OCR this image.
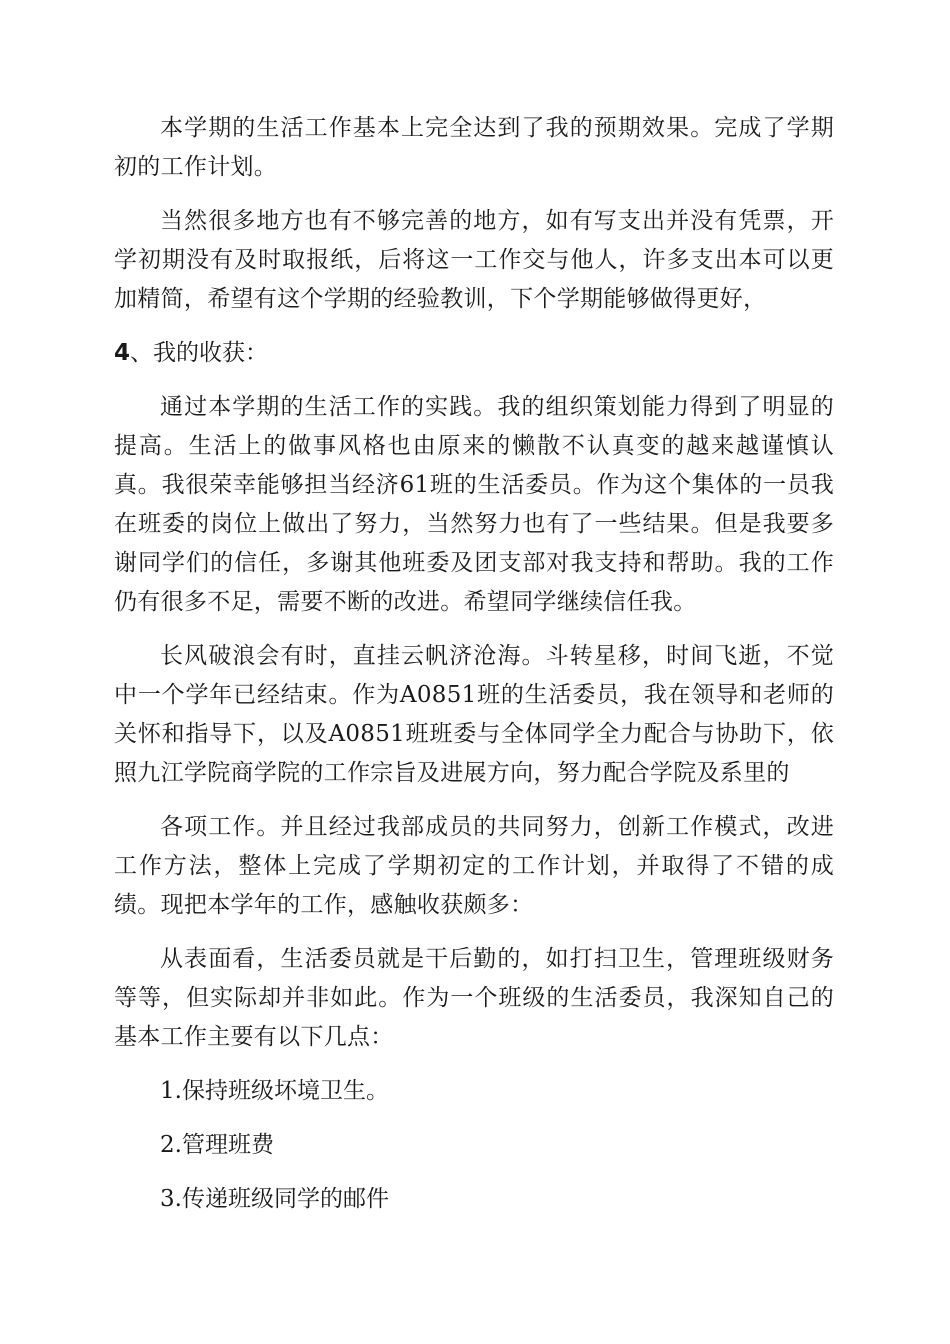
本学期的生活工作基本上完全达到了我的预期效果。完成了学期初的工作计划。

当然很多地方也有不够完善的地方，如有写支出并没有凭票，开学初期没有及时取报纸，后将这一工作交与他人，许多支出本可以更加精简，希望有这个学期的经验教训，下个学期能够做得更好，

4、我的收获：

通过本学期的生活工作的实践。我的组织策划能力得到了明显的提高。生活上的做事风格也由原来的懒散不认真变的越来越谨慎认真。我很荣幸能够担当经济61班的生活委员。作为这个集体的一员我在班委的岗位上做出了努力，当然努力也有了一些结果。但是我要多谢同学们的信任，多谢其他班委及团支部对我支持和帮助。我的工作仍有很多不足，需要不断的改进。希望同学继续信任我。

长风破浪会有时，直挂云帆济沧海。斗转星移，时间飞逝，不觉中一个学年已经结束。作为A0851班的生活委员，我在领导和老师的关怀和指导下，以及A0851班班委与全体同学全力配合与协助下，依照九江学院商学院的工作宗旨及进展方向，努力配合学院及系里的

各项工作。并且经过我部成员的共同努力，创新工作模式，改进工作方法，整体上完成了学期初定的工作计划，并取得了不错的成绩。现把本学年的工作，感触收获颇多：

从表面看，生活委员就是干后勤的，如打扫卫生，管理班级财务等等，但实际却并非如此。作为一个班级的生活委员，我深知自己的基本工作主要有以下几点：

1.保持班级坏境卫生。

2.管理班费

3.传递班级同学的邮件
